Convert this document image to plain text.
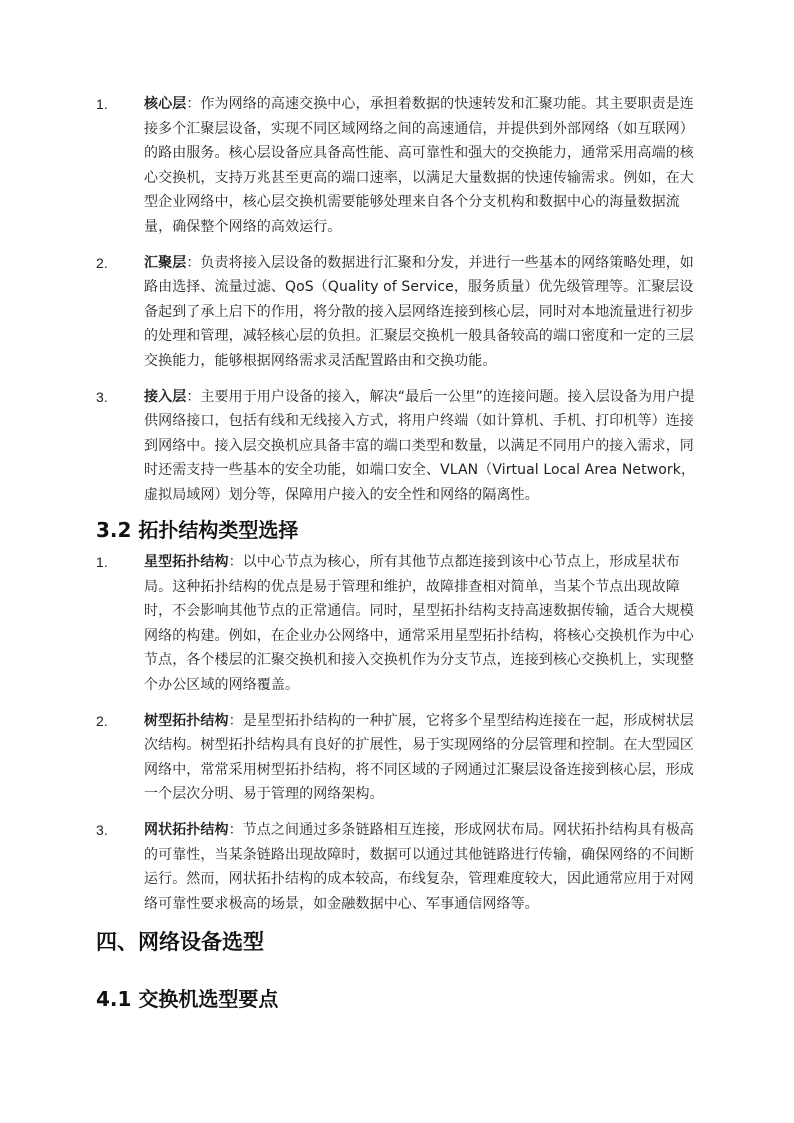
1.	核心层：作为网络的高速交换中心，承担着数据的快速转发和汇聚功能。其主要职责是连接多个汇聚层设备，实现不同区域网络之间的高速通信，并提供到外部网络（如互联网）的路由服务。核心层设备应具备高性能、高可靠性和强大的交换能力，通常采用高端的核心交换机，支持万兆甚至更高的端口速率，以满足大量数据的快速传输需求。例如，在大型企业网络中，核心层交换机需要能够处理来自各个分支机构和数据中心的海量数据流量，确保整个网络的高效运行。
2.	汇聚层：负责将接入层设备的数据进行汇聚和分发，并进行一些基本的网络策略处理，如路由选择、流量过滤、QoS（Quality of Service，服务质量）优先级管理等。汇聚层设备起到了承上启下的作用，将分散的接入层网络连接到核心层，同时对本地流量进行初步的处理和管理，减轻核心层的负担。汇聚层交换机一般具备较高的端口密度和一定的三层交换能力，能够根据网络需求灵活配置路由和交换功能。
3.	接入层：主要用于用户设备的接入，解决“最后一公里”的连接问题。接入层设备为用户提供网络接口，包括有线和无线接入方式，将用户终端（如计算机、手机、打印机等）连接到网络中。接入层交换机应具备丰富的端口类型和数量，以满足不同用户的接入需求，同时还需支持一些基本的安全功能，如端口安全、VLAN（Virtual Local Area Network，虚拟局域网）划分等，保障用户接入的安全性和网络的隔离性。
3.2 拓扑结构类型选择
1.	星型拓扑结构：以中心节点为核心，所有其他节点都连接到该中心节点上，形成星状布局。这种拓扑结构的优点是易于管理和维护，故障排查相对简单，当某个节点出现故障时，不会影响其他节点的正常通信。同时，星型拓扑结构支持高速数据传输，适合大规模网络的构建。例如，在企业办公网络中，通常采用星型拓扑结构，将核心交换机作为中心节点，各个楼层的汇聚交换机和接入交换机作为分支节点，连接到核心交换机上，实现整个办公区域的网络覆盖。
2.	树型拓扑结构：是星型拓扑结构的一种扩展，它将多个星型结构连接在一起，形成树状层次结构。树型拓扑结构具有良好的扩展性，易于实现网络的分层管理和控制。在大型园区网络中，常常采用树型拓扑结构，将不同区域的子网通过汇聚层设备连接到核心层，形成一个层次分明、易于管理的网络架构。
3.	网状拓扑结构：节点之间通过多条链路相互连接，形成网状布局。网状拓扑结构具有极高的可靠性，当某条链路出现故障时，数据可以通过其他链路进行传输，确保网络的不间断运行。然而，网状拓扑结构的成本较高，布线复杂，管理难度较大，因此通常应用于对网络可靠性要求极高的场景，如金融数据中心、军事通信网络等。
四、网络设备选型
4.1 交换机选型要点
